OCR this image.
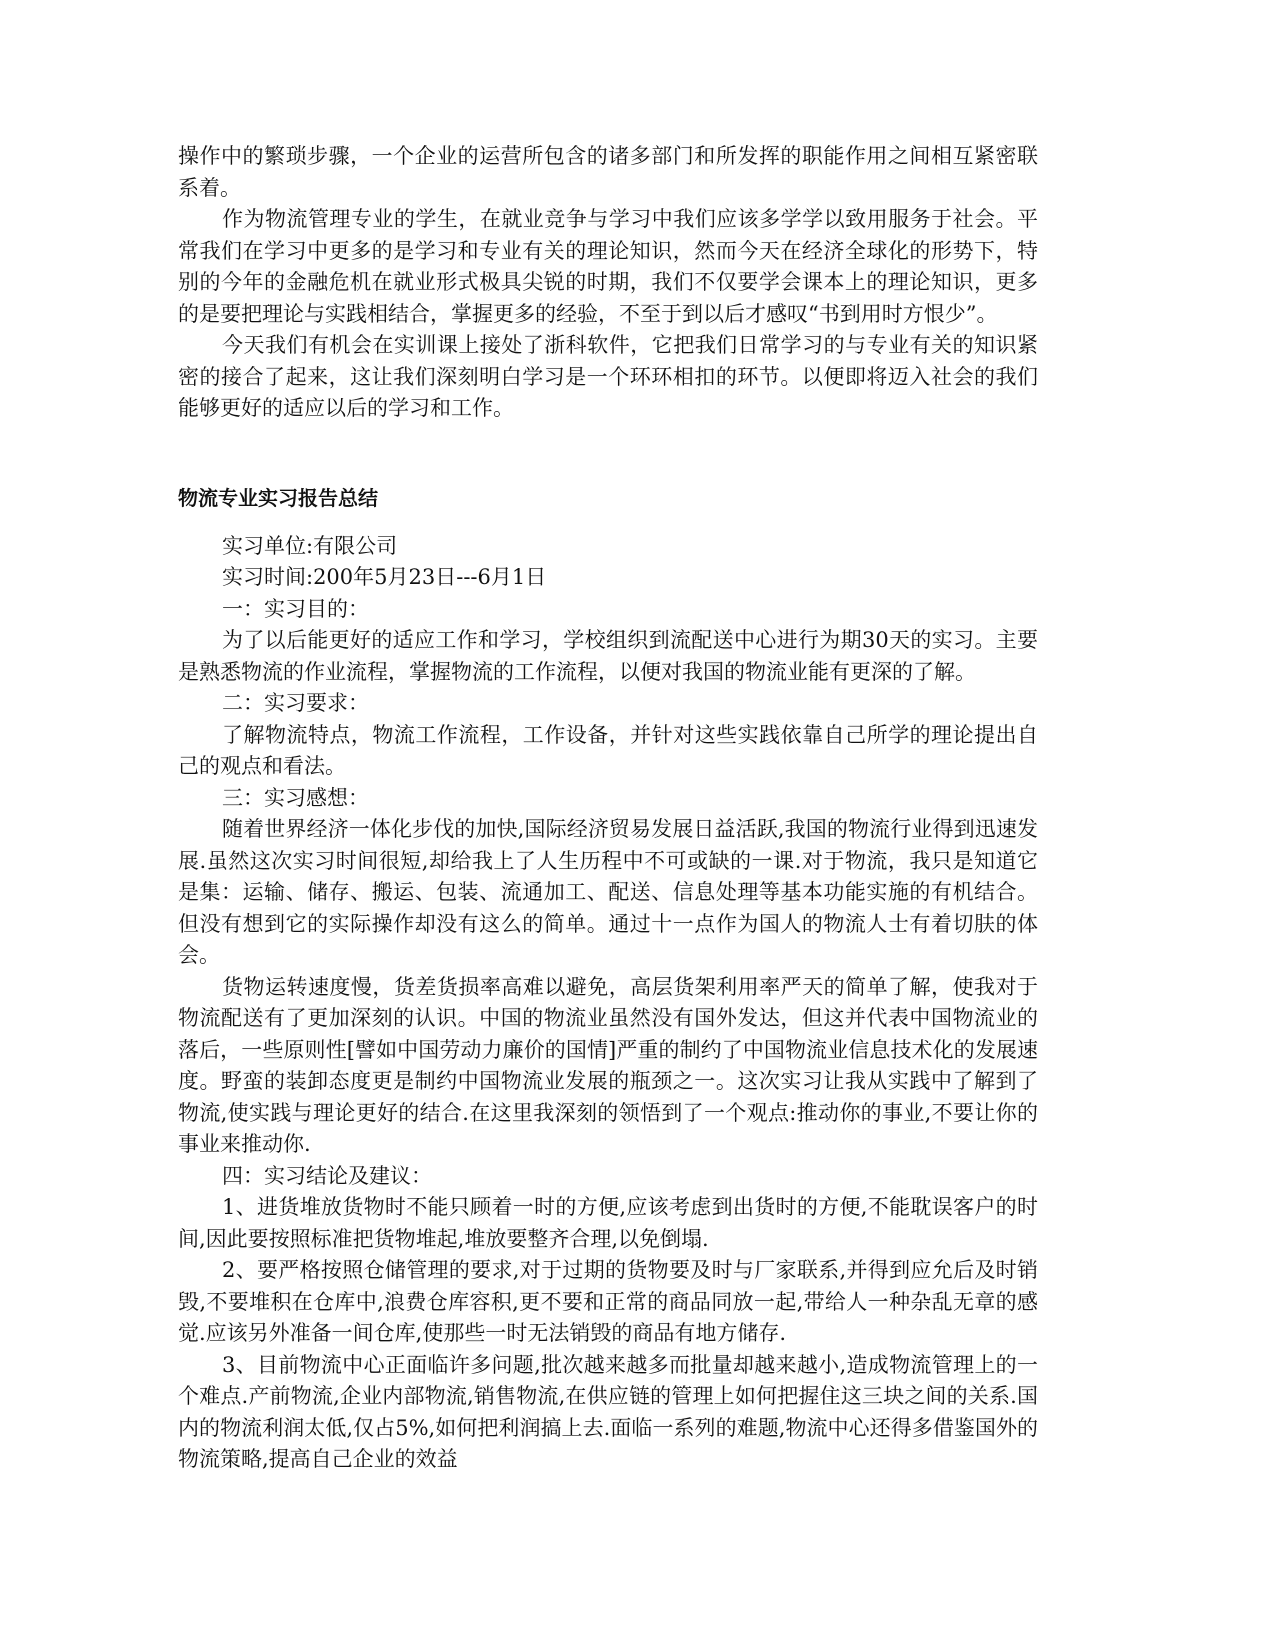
操作中的繁琐步骤，一个企业的运营所包含的诸多部门和所发挥的职能作用之间相互紧密联系着。

作为物流管理专业的学生，在就业竞争与学习中我们应该多学学以致用服务于社会。平常我们在学习中更多的是学习和专业有关的理论知识，然而今天在经济全球化的形势下，特别的今年的金融危机在就业形式极具尖锐的时期，我们不仅要学会课本上的理论知识，更多的是要把理论与实践相结合，掌握更多的经验，不至于到以后才感叹“书到用时方恨少”。

今天我们有机会在实训课上接处了浙科软件，它把我们日常学习的与专业有关的知识紧密的接合了起来，这让我们深刻明白学习是一个环环相扣的环节。以便即将迈入社会的我们能够更好的适应以后的学习和工作。

物流专业实习报告总结

实习单位:有限公司

实习时间:200年5月23日---6月1日

一：实习目的：

为了以后能更好的适应工作和学习，学校组织到流配送中心进行为期30天的实习。主要是熟悉物流的作业流程，掌握物流的工作流程，以便对我国的物流业能有更深的了解。

二：实习要求：

了解物流特点，物流工作流程，工作设备，并针对这些实践依靠自己所学的理论提出自己的观点和看法。

三：实习感想：

随着世界经济一体化步伐的加快,国际经济贸易发展日益活跃,我国的物流行业得到迅速发展.虽然这次实习时间很短,却给我上了人生历程中不可或缺的一课.对于物流，我只是知道它是集：运输、储存、搬运、包装、流通加工、配送、信息处理等基本功能实施的有机结合。但没有想到它的实际操作却没有这么的简单。通过十一点作为国人的物流人士有着切肤的体会。

货物运转速度慢，货差货损率高难以避免，高层货架利用率严天的简单了解，使我对于物流配送有了更加深刻的认识。中国的物流业虽然没有国外发达，但这并代表中国物流业的落后，一些原则性[譬如中国劳动力廉价的国情]严重的制约了中国物流业信息技术化的发展速度。野蛮的装卸态度更是制约中国物流业发展的瓶颈之一。这次实习让我从实践中了解到了物流,使实践与理论更好的结合.在这里我深刻的领悟到了一个观点:推动你的事业,不要让你的事业来推动你.

四：实习结论及建议：

1、进货堆放货物时不能只顾着一时的方便,应该考虑到出货时的方便,不能耽误客户的时间,因此要按照标准把货物堆起,堆放要整齐合理,以免倒塌.

2、要严格按照仓储管理的要求,对于过期的货物要及时与厂家联系,并得到应允后及时销毁,不要堆积在仓库中,浪费仓库容积,更不要和正常的商品同放一起,带给人一种杂乱无章的感觉.应该另外准备一间仓库,使那些一时无法销毁的商品有地方储存.

3、目前物流中心正面临许多问题,批次越来越多而批量却越来越小,造成物流管理上的一个难点.产前物流,企业内部物流,销售物流,在供应链的管理上如何把握住这三块之间的关系.国内的物流利润太低,仅占5%,如何把利润搞上去.面临一系列的难题,物流中心还得多借鉴国外的物流策略,提高自己企业的效益
